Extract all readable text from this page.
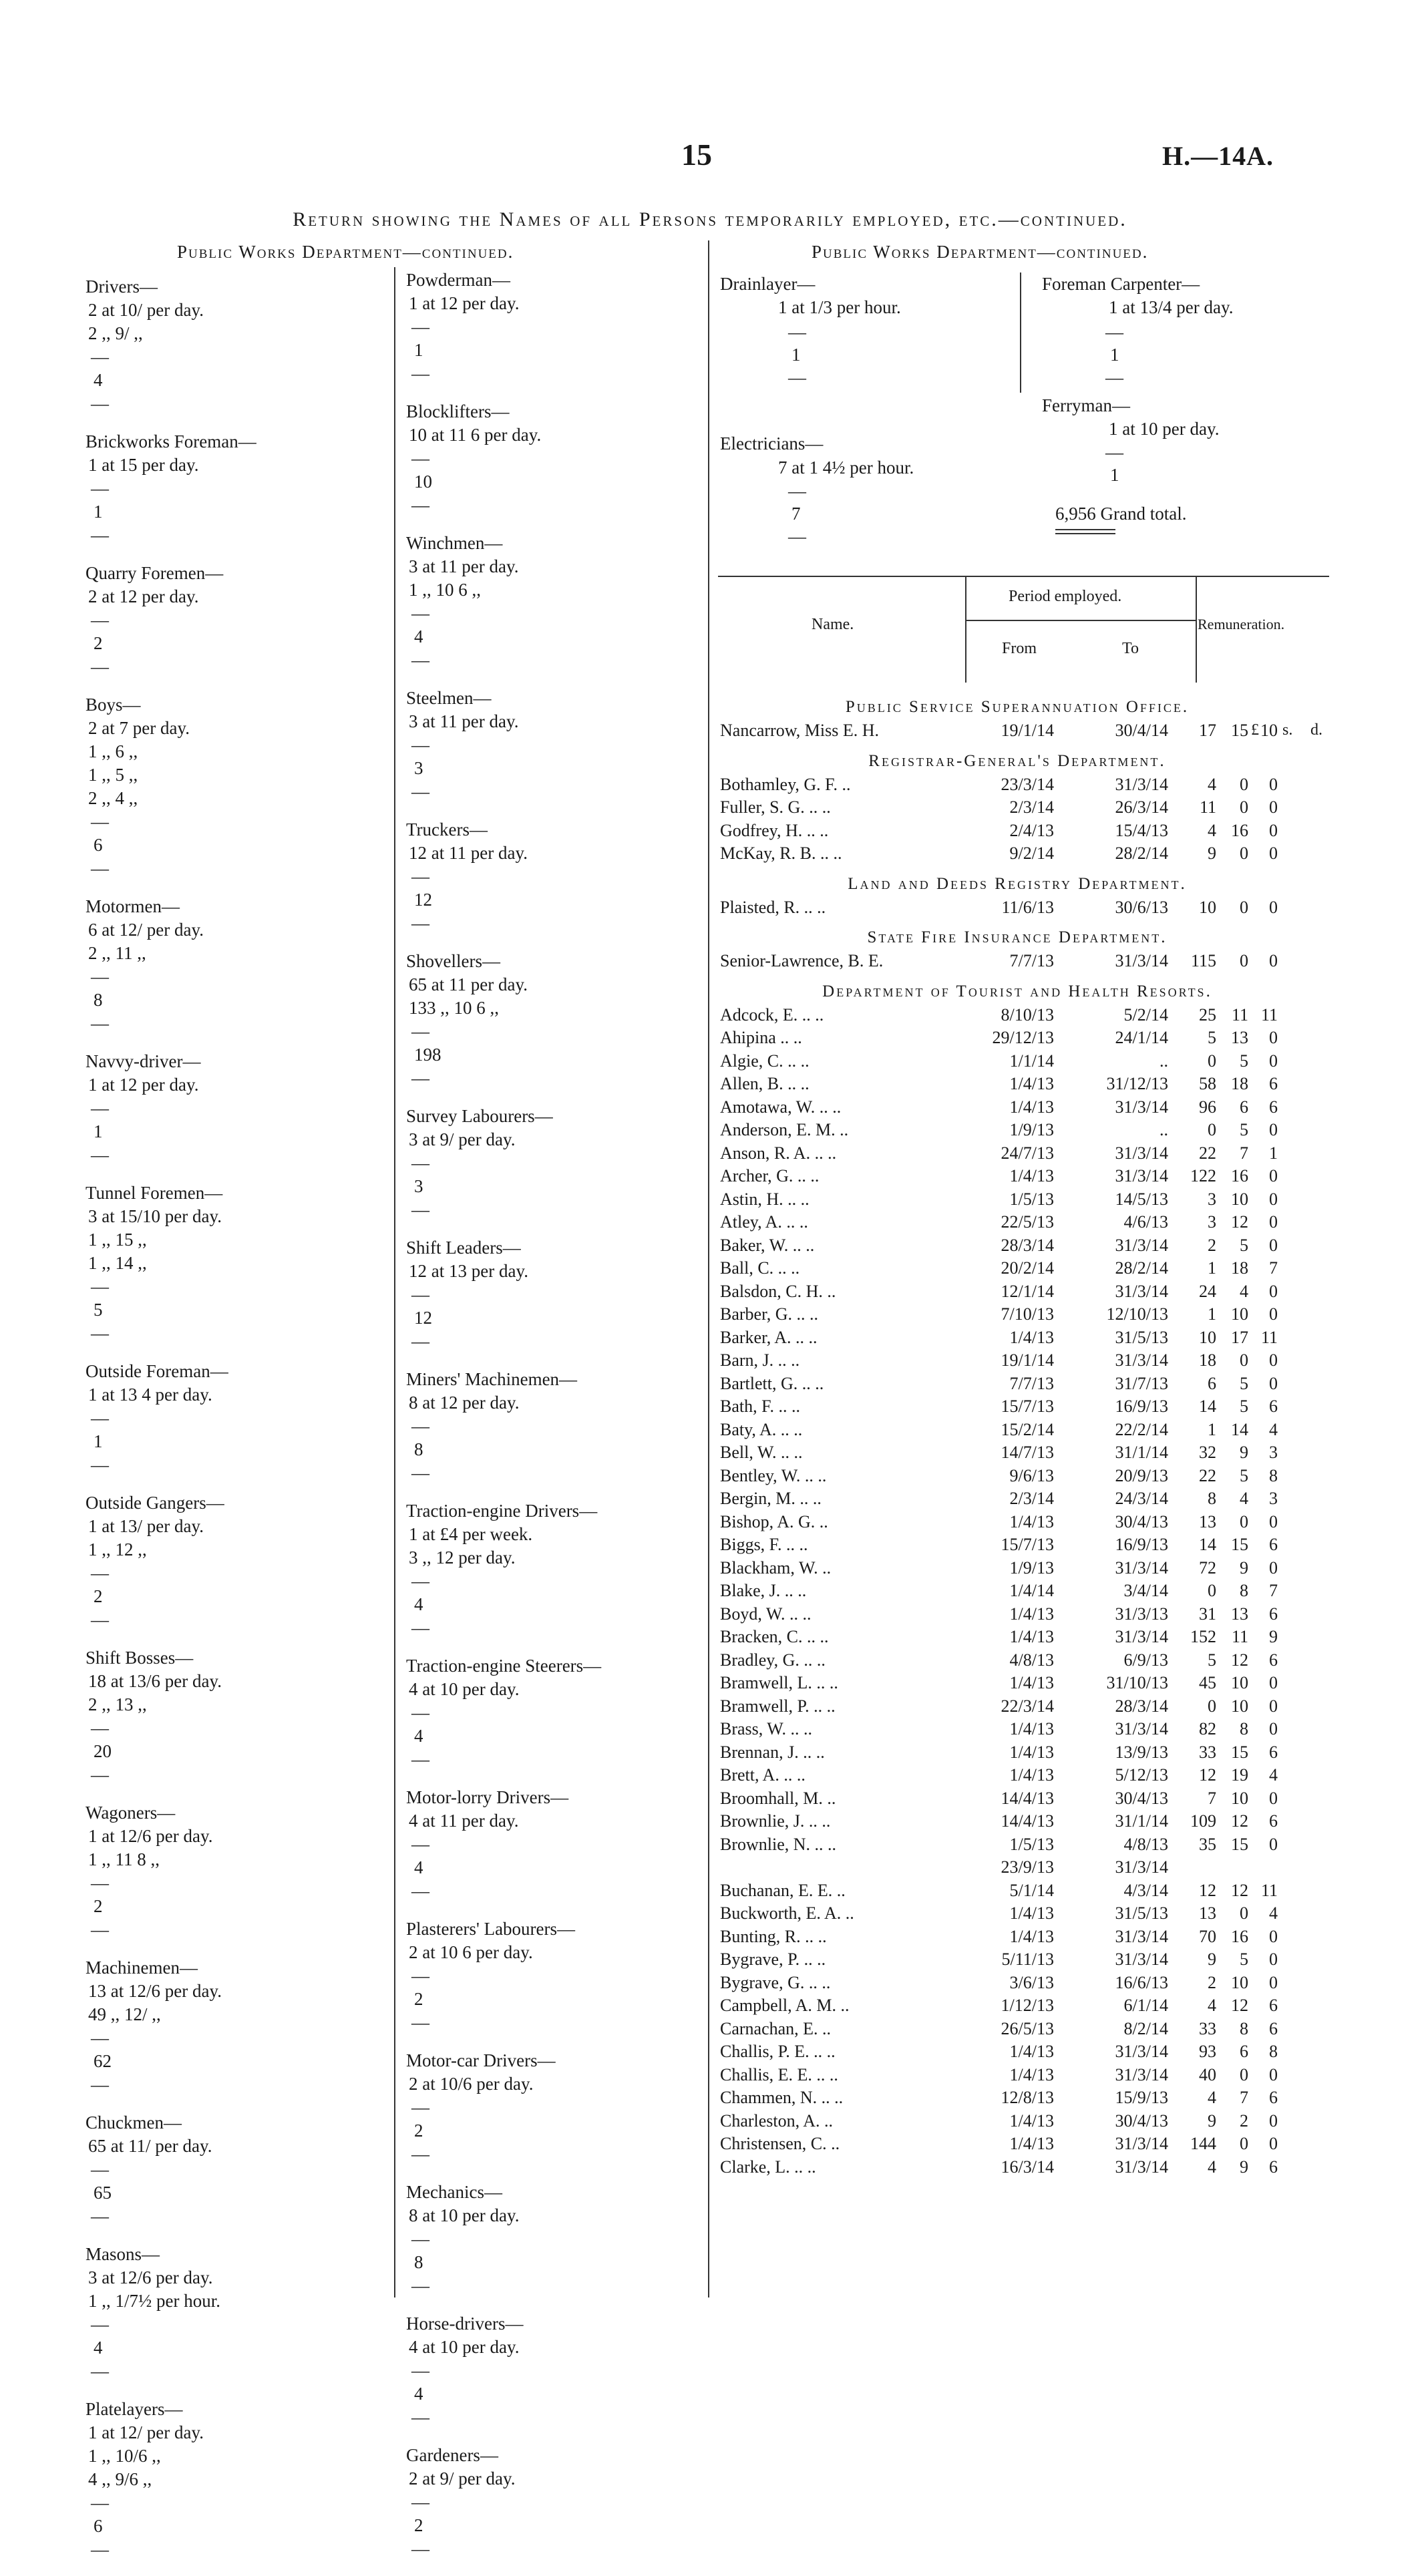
15	H.—14A.
Return showing the Names of all Persons temporarily employed, etc.—continued.
Public Works Department—continued.	Public Works Department—continued.
Drivers—
2 at 10/ per day.
2 ,, 9/ ,,
—
4
—
Brickworks Foreman—
1 at 15 per day.
—
1
—
Quarry Foremen—
2 at 12 per day.
—
2
—
Boys—
2 at 7 per day.
1 ,, 6 ,,
1 ,, 5 ,,
2 ,, 4 ,,
—
6
—
Motormen—
6 at 12/ per day.
2 ,, 11 ,,
—
8
—
Navvy-driver—
1 at 12 per day.
—
1
—
Tunnel Foremen—
3 at 15/10 per day.
1 ,, 15 ,,
1 ,, 14 ,,
—
5
—
Outside Foreman—
1 at 13 4 per day.
—
1
—
Outside Gangers—
1 at 13/ per day.
1 ,, 12 ,,
—
2
—
Shift Bosses—
18 at 13/6 per day.
2 ,, 13 ,,
—
20
—
Wagoners—
1 at 12/6 per day.
1 ,, 11 8 ,,
—
2
—
Machinemen—
13 at 12/6 per day.
49 ,, 12/ ,,
—
62
—
Chuckmen—
65 at 11/ per day.
—
65
—
Masons—
3 at 12/6 per day.
1 ,, 1/7½ per hour.
—
4
—
Platelayers—
1 at 12/ per day.
1 ,, 10/6 ,,
4 ,, 9/6 ,,
—
6
—
Powderman—
1 at 12 per day.
—
1
—
Blocklifters—
10 at 11 6 per day.
—
10
—
Winchmen—
3 at 11 per day.
1 ,, 10 6 ,,
—
4
—
Steelmen—
3 at 11 per day.
—
3
—
Truckers—
12 at 11 per day.
—
12
—
Shovellers—
65 at 11 per day.
133 ,, 10 6 ,,
—
198
—
Survey Labourers—
3 at 9/ per day.
—
3
—
Shift Leaders—
12 at 13 per day.
—
12
—
Miners' Machinemen—
8 at 12 per day.
—
8
—
Traction-engine Drivers—
1 at £4 per week.
3 ,, 12 per day.
—
4
—
Traction-engine Steerers—
4 at 10 per day.
—
4
—
Motor-lorry Drivers—
4 at 11 per day.
—
4
—
Plasterers' Labourers—
2 at 10 6 per day.
—
2
—
Motor-car Drivers—
2 at 10/6 per day.
—
2
—
Mechanics—
8 at 10 per day.
—
8
—
Horse-drivers—
4 at 10 per day.
—
4
—
Gardeners—
2 at 9/ per day.
—
2
—
Drainlayer—
1 at 1/3 per hour.
—
1
—
Electricians—
7 at 1 4½ per hour.
—
7
—
Foreman Carpenter—
1 at 13/4 per day.
—
1
—
Ferryman—
1 at 10 per day.
—
1
6,956 Grand total.
Name.
Period employed.
From	To
Remuneration.
£ s. d.
Public Service Superannuation Office.
Nancarrow, Miss E. H.	19/1/14	30/4/14	17	15	10
Registrar-General's Department.
Bothamley, G. F. ..	23/3/14	31/3/14	4	0	0
Fuller, S. G. .. ..	2/3/14	26/3/14	11	0	0
Godfrey, H. .. ..	2/4/13	15/4/13	4	16	0
McKay, R. B. .. ..	9/2/14	28/2/14	9	0	0
Land and Deeds Registry Department.
Plaisted, R. .. ..	11/6/13	30/6/13	10	0	0
State Fire Insurance Department.
Senior-Lawrence, B. E.	7/7/13	31/3/14	115	0	0
Department of Tourist and Health Resorts.
Adcock, E. .. ..	8/10/13	5/2/14	25	11	11
Ahipina .. ..	29/12/13	24/1/14	5	13	0
Algie, C. .. ..	1/1/14	..	0	5	0
Allen, B. .. ..	1/4/13	31/12/13	58	18	6
Amotawa, W. .. ..	1/4/13	31/3/14	96	6	6
Anderson, E. M. ..	1/9/13	..	0	5	0
Anson, R. A. .. ..	24/7/13	31/3/14	22	7	1
Archer, G. .. ..	1/4/13	31/3/14	122	16	0
Astin, H. .. ..	1/5/13	14/5/13	3	10	0
Atley, A. .. ..	22/5/13	4/6/13	3	12	0
Baker, W. .. ..	28/3/14	31/3/14	2	5	0
Ball, C. .. ..	20/2/14	28/2/14	1	18	7
Balsdon, C. H. ..	12/1/14	31/3/14	24	4	0
Barber, G. .. ..	7/10/13	12/10/13	1	10	0
Barker, A. .. ..	1/4/13	31/5/13	10	17	11
Barn, J. .. ..	19/1/14	31/3/14	18	0	0
Bartlett, G. .. ..	7/7/13	31/7/13	6	5	0
Bath, F. .. ..	15/7/13	16/9/13	14	5	6
Baty, A. .. ..	15/2/14	22/2/14	1	14	4
Bell, W. .. ..	14/7/13	31/1/14	32	9	3
Bentley, W. .. ..	9/6/13	20/9/13	22	5	8
Bergin, M. .. ..	2/3/14	24/3/14	8	4	3
Bishop, A. G. ..	1/4/13	30/4/13	13	0	0
Biggs, F. .. ..	15/7/13	16/9/13	14	15	6
Blackham, W. ..	1/9/13	31/3/14	72	9	0
Blake, J. .. ..	1/4/14	3/4/14	0	8	7
Boyd, W. .. ..	1/4/13	31/3/13	31	13	6
Bracken, C. .. ..	1/4/13	31/3/14	152	11	9
Bradley, G. .. ..	4/8/13	6/9/13	5	12	6
Bramwell, L. .. ..	1/4/13	31/10/13	45	10	0
Bramwell, P. .. ..	22/3/14	28/3/14	0	10	0
Brass, W. .. ..	1/4/13	31/3/14	82	8	0
Brennan, J. .. ..	1/4/13	13/9/13	33	15	6
Brett, A. .. ..	1/4/13	5/12/13	12	19	4
Broomhall, M. ..	14/4/13	30/4/13	7	10	0
Brownlie, J. .. ..	14/4/13	31/1/14	109	12	6
Brownlie, N. .. ..	1/5/13	4/8/13	35	15	0
	23/9/13	31/3/14			
Buchanan, E. E. ..	5/1/14	4/3/14	12	12	11
Buckworth, E. A. ..	1/4/13	31/5/13	13	0	4
Bunting, R. .. ..	1/4/13	31/3/14	70	16	0
Bygrave, P. .. ..	5/11/13	31/3/14	9	5	0
Bygrave, G. .. ..	3/6/13	16/6/13	2	10	0
Campbell, A. M. ..	1/12/13	6/1/14	4	12	6
Carnachan, E. ..	26/5/13	8/2/14	33	8	6
Challis, P. E. .. ..	1/4/13	31/3/14	93	6	8
Challis, E. E. .. ..	1/4/13	31/3/14	40	0	0
Chammen, N. .. ..	12/8/13	15/9/13	4	7	6
Charleston, A. ..	1/4/13	30/4/13	9	2	0
Christensen, C. ..	1/4/13	31/3/14	144	0	0
Clarke, L. .. ..	16/3/14	31/3/14	4	9	6
